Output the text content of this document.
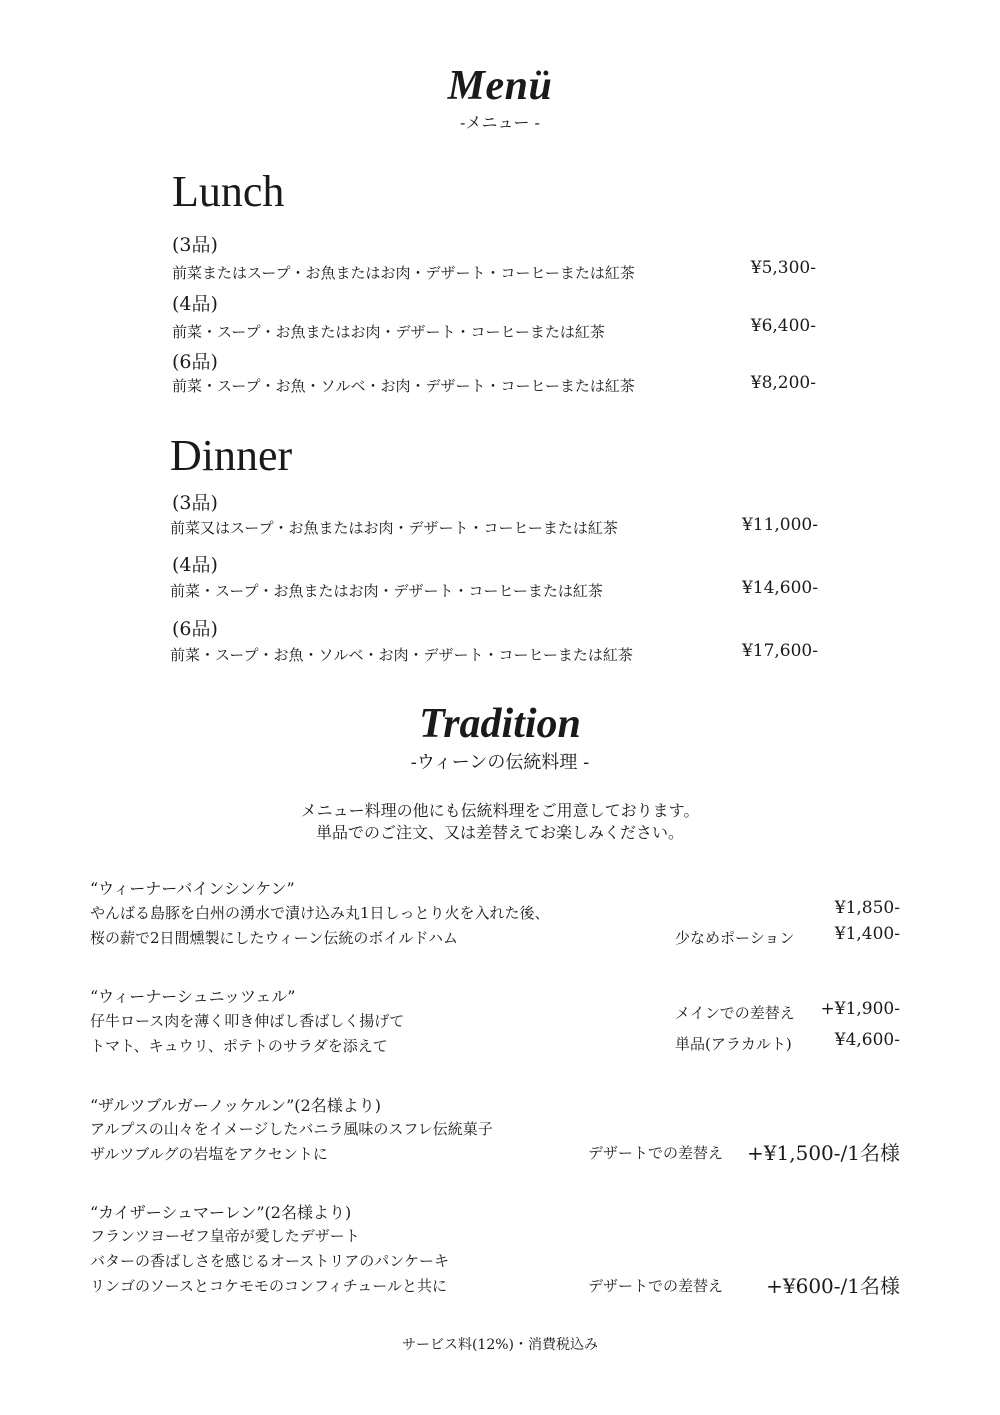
Menü
-メニュー -
Lunch
(3品)
前菜またはスープ・お魚またはお肉・デザート・コーヒーまたは紅茶	¥5,300-
(4品)
前菜・スープ・お魚またはお肉・デザート・コーヒーまたは紅茶	¥6,400-
(6品)
前菜・スープ・お魚・ソルベ・お肉・デザート・コーヒーまたは紅茶	¥8,200-
Dinner
(3品)
前菜又はスープ・お魚またはお肉・デザート・コーヒーまたは紅茶	¥11,000-
(4品)
前菜・スープ・お魚またはお肉・デザート・コーヒーまたは紅茶	¥14,600-
(6品)
前菜・スープ・お魚・ソルベ・お肉・デザート・コーヒーまたは紅茶	¥17,600-
Tradition
-ウィーンの伝統料理 -
メニュー料理の他にも伝統料理をご用意しております。
単品でのご注文、又は差替えてお楽しみください。
“ウィーナーバインシンケン”
やんばる島豚を白州の湧水で漬け込み丸1日しっとり火を入れた後、
桜の薪で2日間燻製にしたウィーン伝統のボイルドハム
¥1,850-
少なめポーション	¥1,400-
“ウィーナーシュニッツェル”
仔牛ロース肉を薄く叩き伸ばし香ばしく揚げて
トマト、キュウリ、ポテトのサラダを添えて
メインでの差替え	+¥1,900-
単品(アラカルト)	¥4,600-
“ザルツブルガーノッケルン”(2名様より)
アルプスの山々をイメージしたバニラ風味のスフレ伝統菓子
ザルツブルグの岩塩をアクセントに	デザートでの差替え	+¥1,500-/1名様
“カイザーシュマーレン”(2名様より)
フランツヨーゼフ皇帝が愛したデザート
バターの香ばしさを感じるオーストリアのパンケーキ
リンゴのソースとコケモモのコンフィチュールと共に	デザートでの差替え	+¥600-/1名様
サービス料(12%)・消費税込み
